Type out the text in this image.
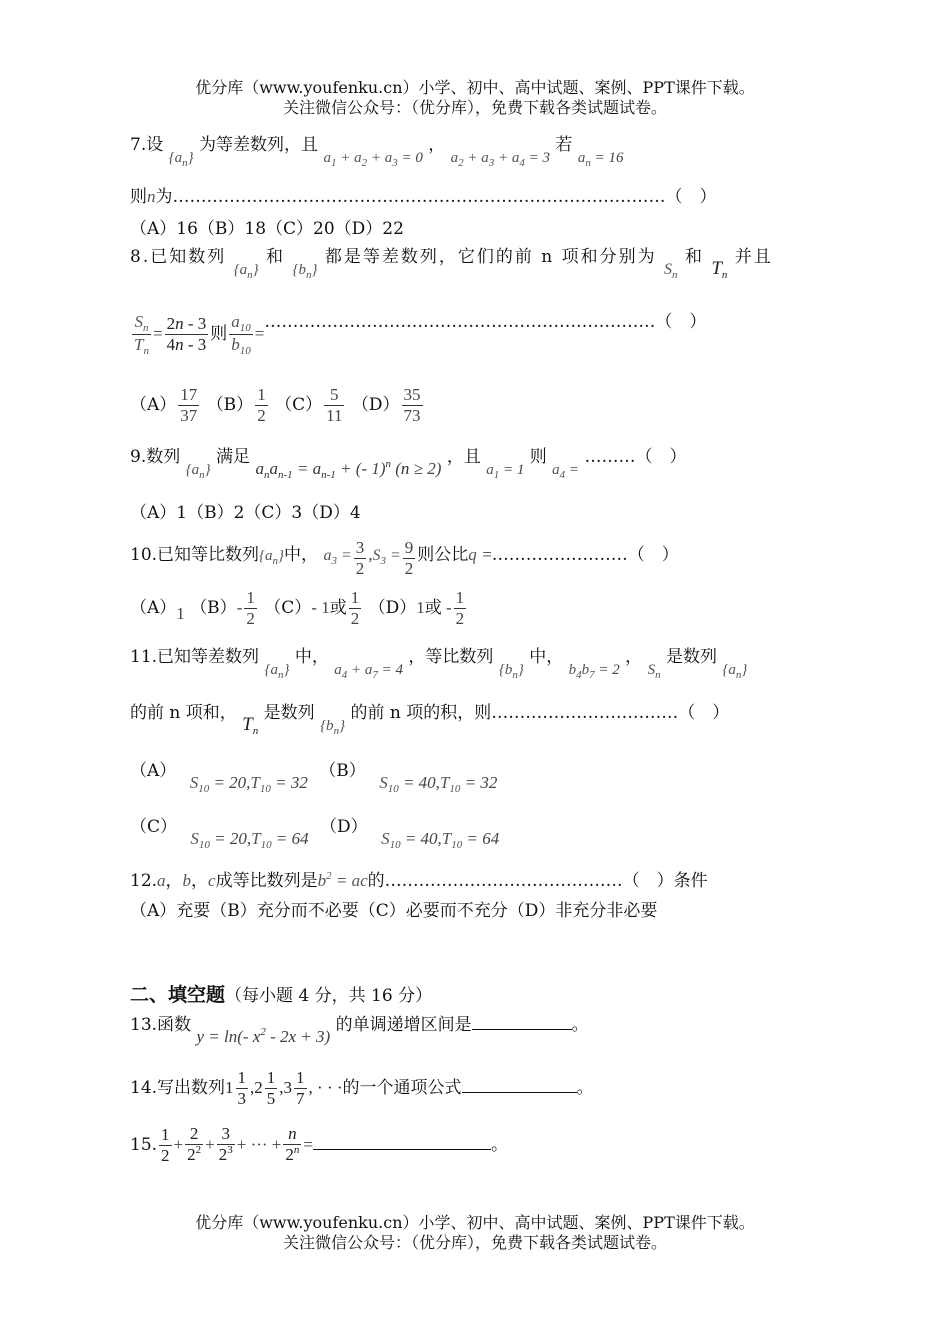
优分库（www.youfenku.cn）小学、初中、高中试题、案例、PPT课件下载。
关注微信公众号：（优分库），免费下载各类试题试卷。
7.设 $\{a_n\}$ 为等差数列，且 $a_1 + a_2 + a_3 = 0$ ， $a_2 + a_3 + a_4 = 3$ 若 $a_n = 16$
则n为……………………………………………………………………………（　）
（A）16（B）18（C）20（D）22
8.已知数列 $\{a_n\}$ 和 $\{b_n\}$ 都是等差数列，它们的前 n 项和分别为 $S_n$ 和 $T_n$ 并且
$\frac{S_n}{T_n} = \frac{2n - 3}{4n - 3}$ 则 $\frac{a_{10}}{b_{10}}$ =……………………………………………………………（　）
$(A) \frac{17}{37} (B) \frac{1}{2} (C) \frac{5}{11} (D) \frac{35}{73}$
9.数列 $\{a_n\}$ 满足 $a_na_{n-1} = a_{n-1}$ + (- 1)$^n$ (n ≥ 2) ，且 $a_1 = 1$ 则 $a_4$ = ………（　）
（A）1（B）2（C）3（D）4
10.已知等比数列$\{a_n\}$中， $a_3 = \frac{3}{2} ,S_3 = \frac{9}{2}$ 则公比q =……………………（　）
（A）1 $(B)- \frac{1}{2} (C)-$ 1或 $\frac{1}{2} (D)1$或 - $\frac{1}{2}$
11.已知等差数列 $\{a_n\}$ 中， $a_4 + a_7 = 4$ ，等比数列 $\{b_n\}$ 中， $b_4b_7 = 2$ ， $S_n$ 是数列 $\{a_n\}$
的前 n 项和， $T_n$ 是数列 $\{b_n\}$ 的前 n 项的积，则……………………………（　）
（A） $S_{10} = 20,T_{10} = 32$ （B） $S_{10} = 40,T_{10} = 32$
（C） $S_{10} = 20,T_{10} = 64$ （D） $S_{10} = 40,T_{10} = 64$
12.a，b，c成等比数列是$b^2$ = ac的……………………………………（　）条件
（A）充要（B）充分而不必要（C）必要而不充分（D）非充分非必要
二、填空题（每小题 4 分，共 16 分）
13.函数 y = ln(- $x^2 - 2x + 3$) 的单调递增区间是	。
14.写出数列$1 \frac{1}{3} ,2 \frac{1}{5} ,3 \frac{1}{7}$ , · · ·的一个通项公式	。
15. $\frac{1}{2} + \frac{2}{2^2} + \frac{3}{2^3}$ + ··· + $\frac{n}{2^n}$ =	。
优分库（www.youfenku.cn）小学、初中、高中试题、案例、PPT课件下载。
关注微信公众号：（优分库），免费下载各类试题试卷。
